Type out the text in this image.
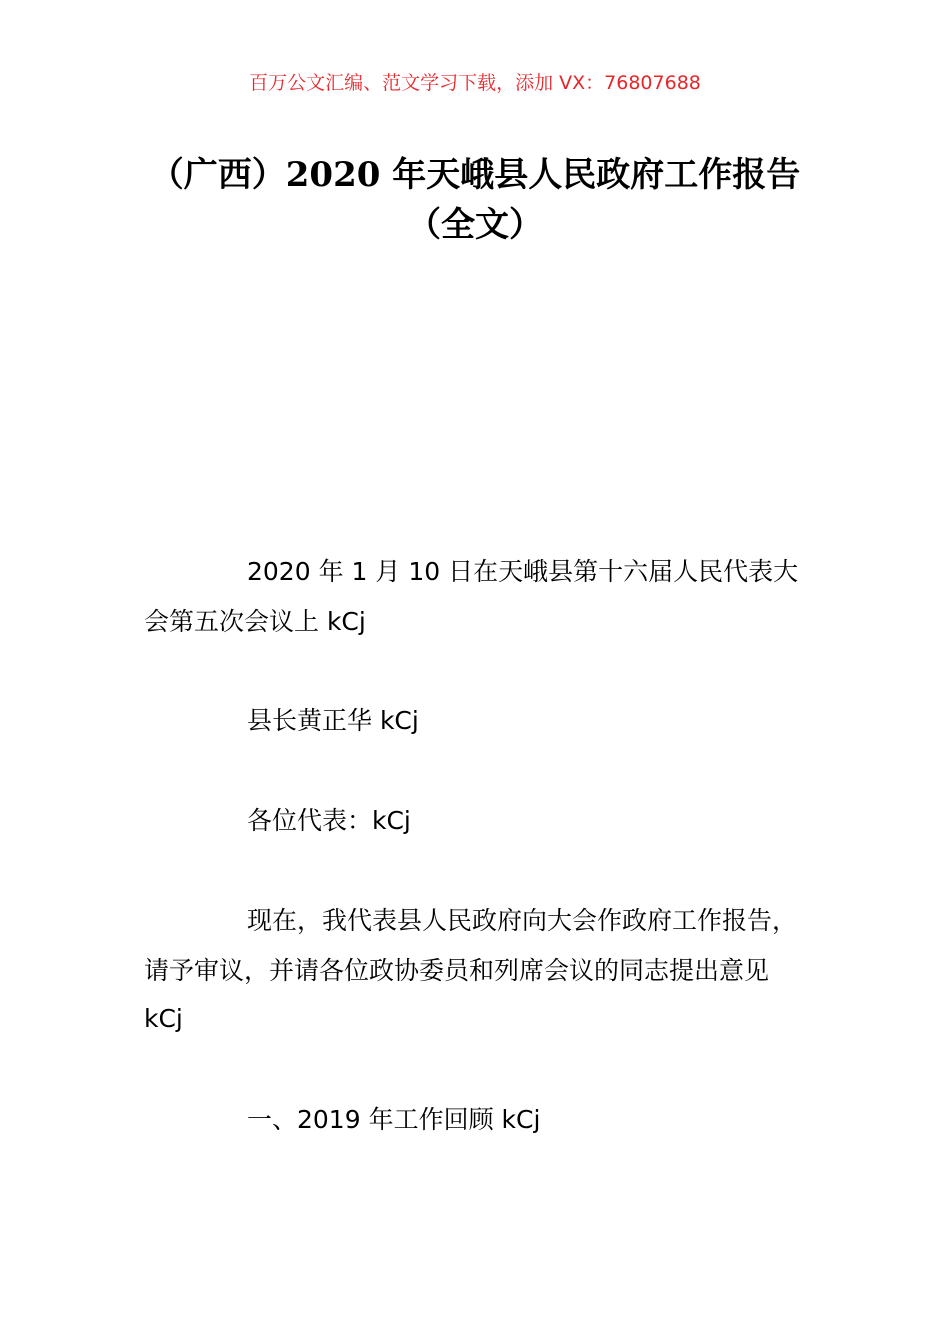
百万公文汇编、范文学习下载，添加 VX：76807688
（广西）2020 年天峨县人民政府工作报告
（全文）
2020 年 1 月 10 日在天峨县第十六届人民代表大
会第五次会议上 kCj
县长黄正华 kCj
各位代表：kCj
现在，我代表县人民政府向大会作政府工作报告，
请予审议，并请各位政协委员和列席会议的同志提出意见
kCj
一、2019 年工作回顾 kCj
